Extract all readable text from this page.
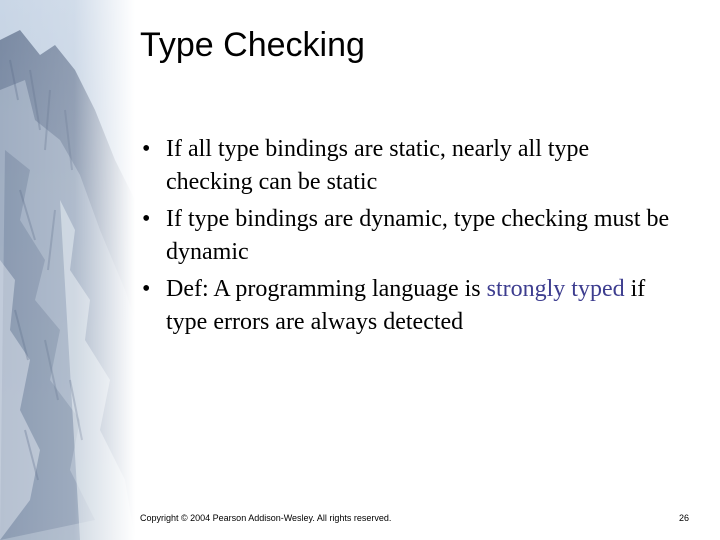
Type Checking
• If all type bindings are static, nearly all type checking can be static
• If type bindings are dynamic, type checking must be dynamic
• Def: A programming language is strongly typed if type errors are always detected
Copyright © 2004 Pearson Addison-Wesley. All rights reserved.	26
